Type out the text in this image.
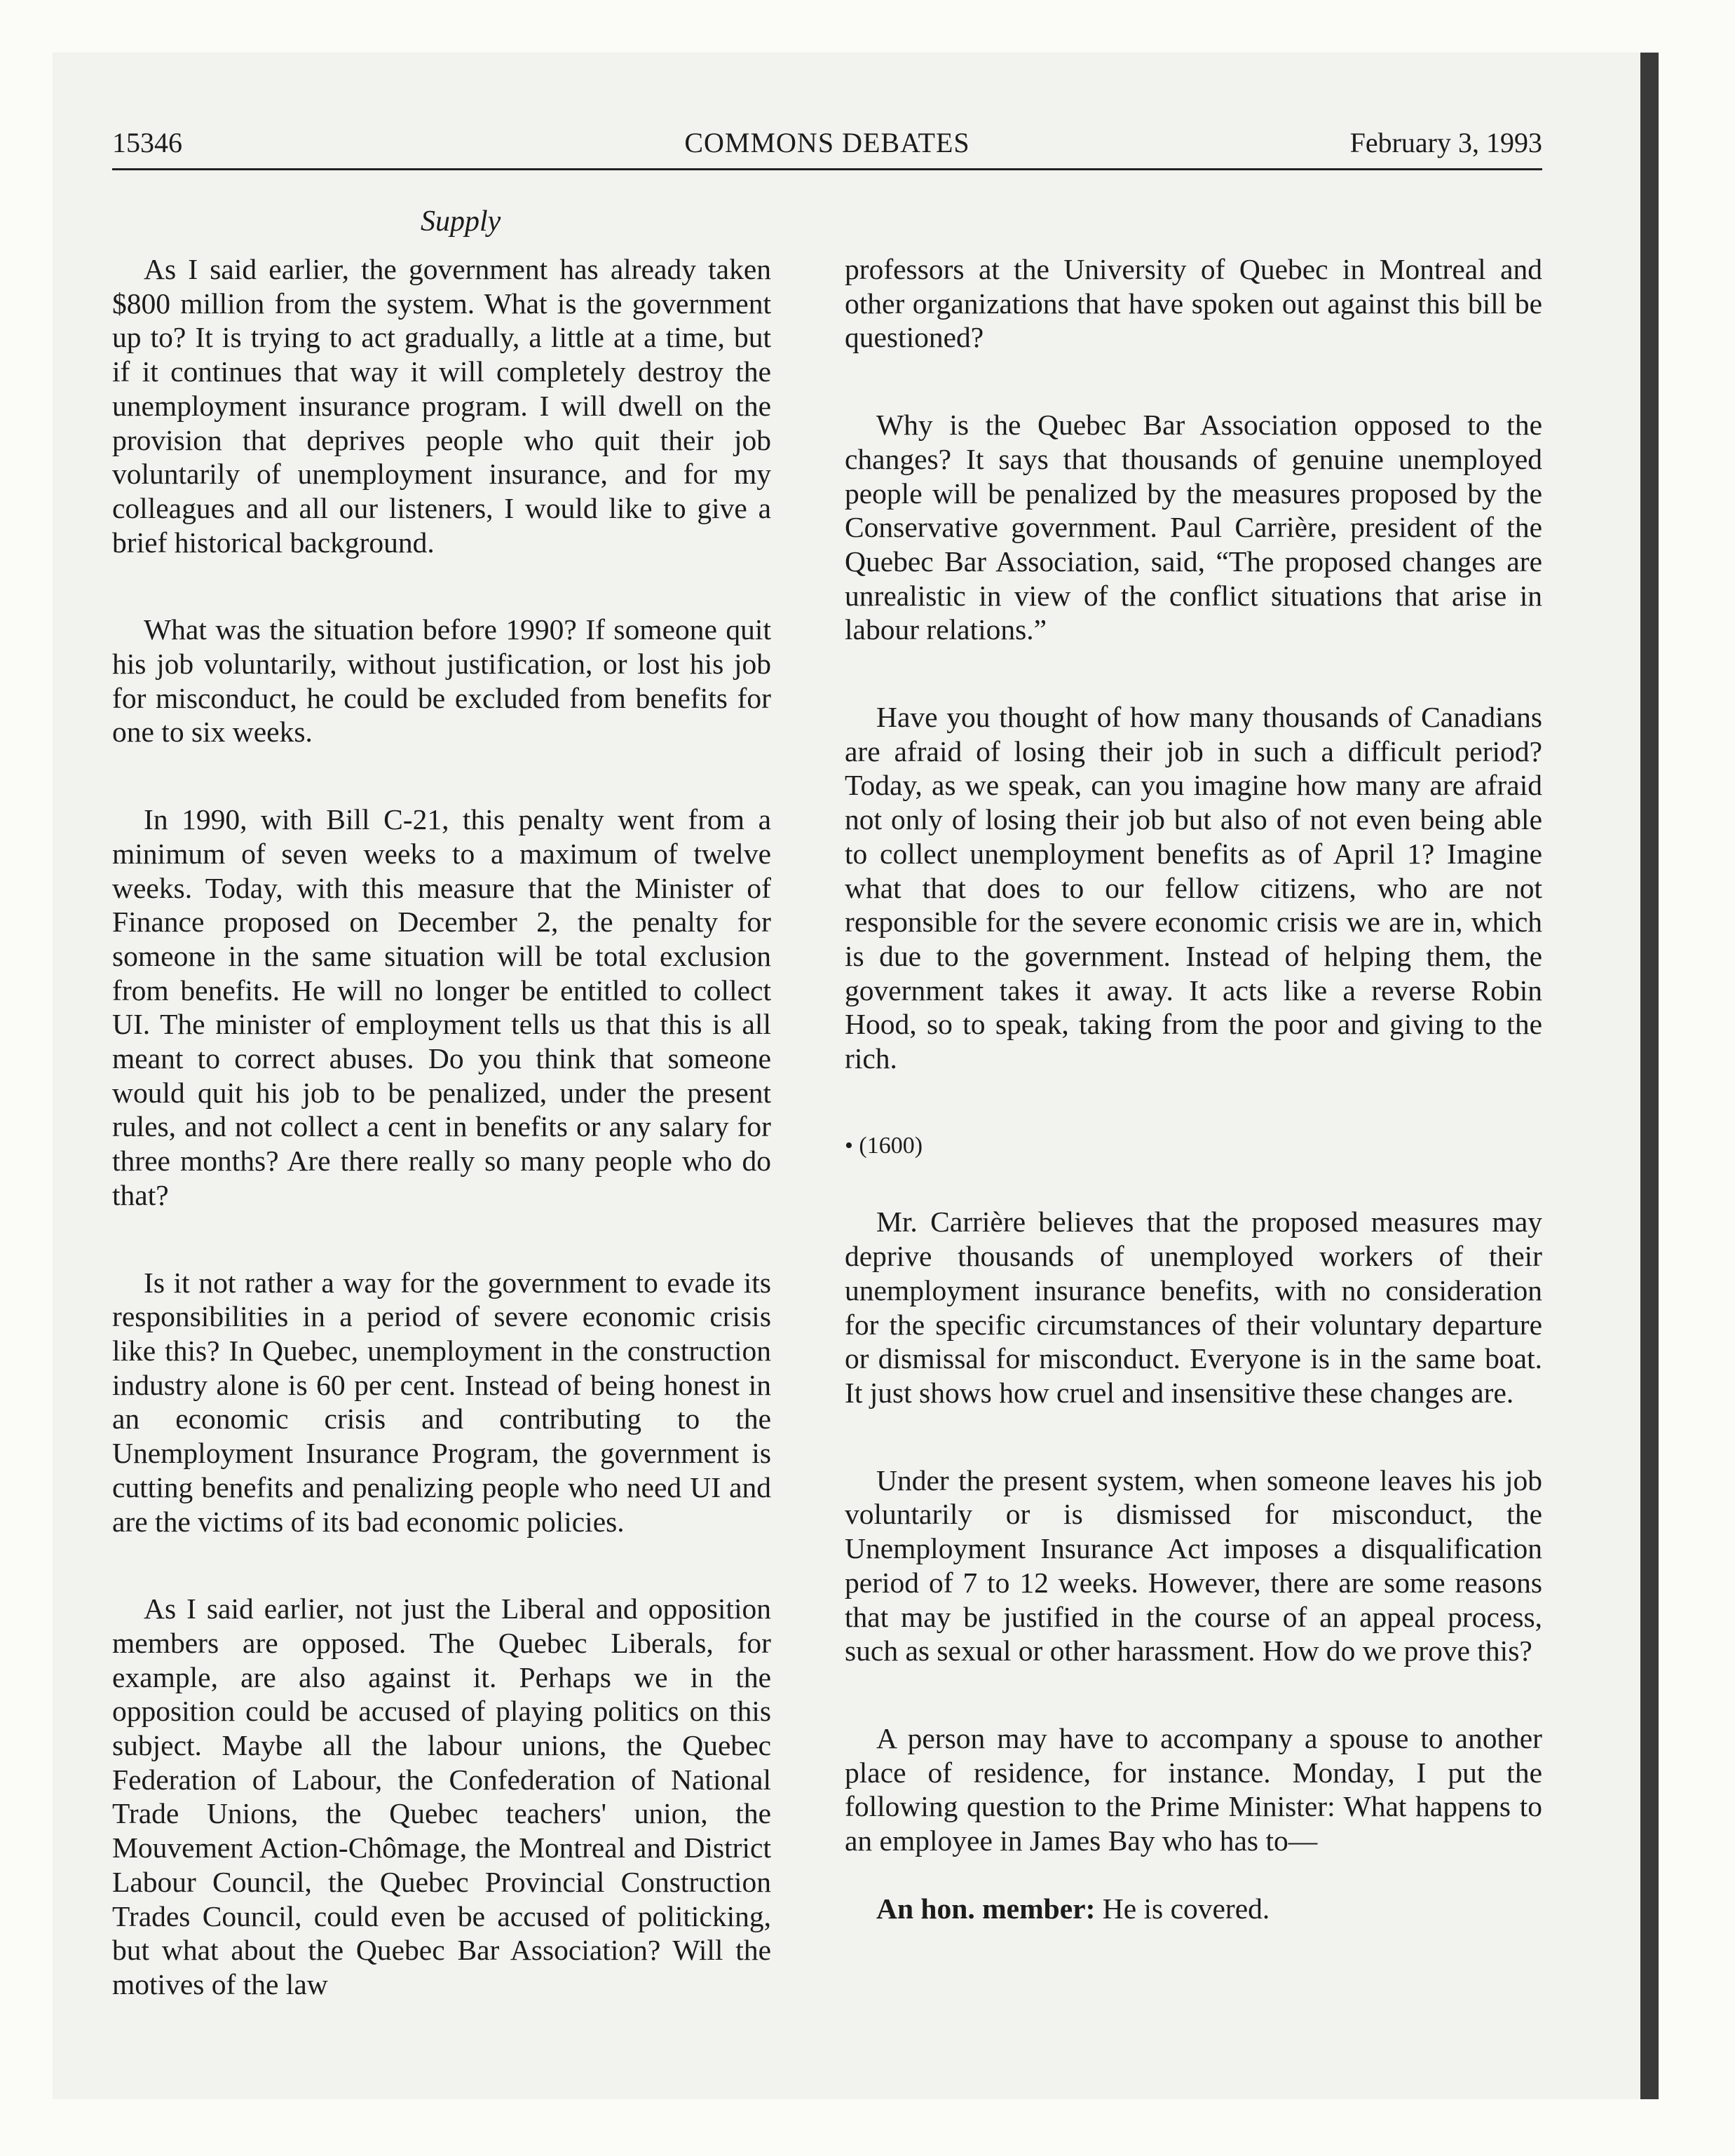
15346	COMMONS DEBATES	February 3, 1993
Supply

As I said earlier, the government has already taken $800 million from the system. What is the government up to? It is trying to act gradually, a little at a time, but if it continues that way it will completely destroy the unemployment insurance program. I will dwell on the provision that deprives people who quit their job voluntarily of unemployment insurance, and for my colleagues and all our listeners, I would like to give a brief historical background.

What was the situation before 1990? If someone quit his job voluntarily, without justification, or lost his job for misconduct, he could be excluded from benefits for one to six weeks.

In 1990, with Bill C-21, this penalty went from a minimum of seven weeks to a maximum of twelve weeks. Today, with this measure that the Minister of Finance proposed on December 2, the penalty for someone in the same situation will be total exclusion from benefits. He will no longer be entitled to collect UI. The minister of employment tells us that this is all meant to correct abuses. Do you think that someone would quit his job to be penalized, under the present rules, and not collect a cent in benefits or any salary for three months? Are there really so many people who do that?

Is it not rather a way for the government to evade its responsibilities in a period of severe economic crisis like this? In Quebec, unemployment in the construction industry alone is 60 per cent. Instead of being honest in an economic crisis and contributing to the Unemployment Insurance Program, the government is cutting benefits and penalizing people who need UI and are the victims of its bad economic policies.

As I said earlier, not just the Liberal and opposition members are opposed. The Quebec Liberals, for example, are also against it. Perhaps we in the opposition could be accused of playing politics on this subject. Maybe all the labour unions, the Quebec Federation of Labour, the Confederation of National Trade Unions, the Quebec teachers' union, the Mouvement Action-Chômage, the Montreal and District Labour Council, the Quebec Provincial Construction Trades Council, could even be accused of politicking, but what about the Quebec Bar Association? Will the motives of the law

professors at the University of Quebec in Montreal and other organizations that have spoken out against this bill be questioned?

Why is the Quebec Bar Association opposed to the changes? It says that thousands of genuine unemployed people will be penalized by the measures proposed by the Conservative government. Paul Carrière, president of the Quebec Bar Association, said, “The proposed changes are unrealistic in view of the conflict situations that arise in labour relations.”

Have you thought of how many thousands of Canadians are afraid of losing their job in such a difficult period? Today, as we speak, can you imagine how many are afraid not only of losing their job but also of not even being able to collect unemployment benefits as of April 1? Imagine what that does to our fellow citizens, who are not responsible for the severe economic crisis we are in, which is due to the government. Instead of helping them, the government takes it away. It acts like a reverse Robin Hood, so to speak, taking from the poor and giving to the rich.

• (1600)

Mr. Carrière believes that the proposed measures may deprive thousands of unemployed workers of their unemployment insurance benefits, with no consideration for the specific circumstances of their voluntary departure or dismissal for misconduct. Everyone is in the same boat. It just shows how cruel and insensitive these changes are.

Under the present system, when someone leaves his job voluntarily or is dismissed for misconduct, the Unemployment Insurance Act imposes a disqualification period of 7 to 12 weeks. However, there are some reasons that may be justified in the course of an appeal process, such as sexual or other harassment. How do we prove this?

A person may have to accompany a spouse to another place of residence, for instance. Monday, I put the following question to the Prime Minister: What happens to an employee in James Bay who has to—

An hon. member: He is covered.
